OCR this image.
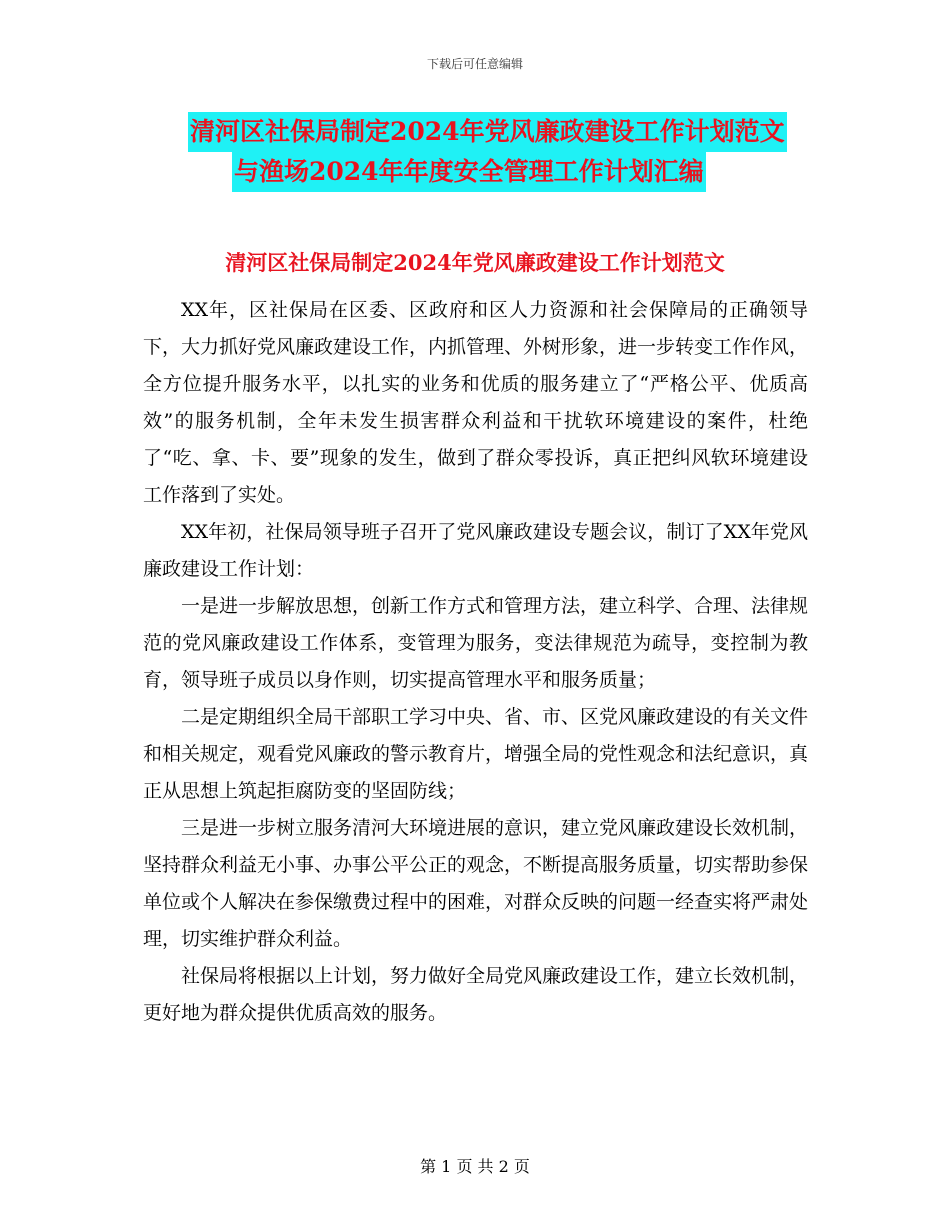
下载后可任意编辑
清河区社保局制定2024年党风廉政建设工作计划范文
与渔场2024年年度安全管理工作计划汇编
清河区社保局制定2024年党风廉政建设工作计划范文

XX年，区社保局在区委、区政府和区人力资源和社会保障局的正确领导下，大力抓好党风廉政建设工作，内抓管理、外树形象，进一步转变工作作风，全方位提升服务水平，以扎实的业务和优质的服务建立了“严格公平、优质高效”的服务机制，全年未发生损害群众利益和干扰软环境建设的案件，杜绝了“吃、拿、卡、要”现象的发生，做到了群众零投诉，真正把纠风软环境建设工作落到了实处。

XX年初，社保局领导班子召开了党风廉政建设专题会议，制订了XX年党风廉政建设工作计划：

一是进一步解放思想，创新工作方式和管理方法，建立科学、合理、法律规范的党风廉政建设工作体系，变管理为服务，变法律规范为疏导，变控制为教育，领导班子成员以身作则，切实提高管理水平和服务质量；

二是定期组织全局干部职工学习中央、省、市、区党风廉政建设的有关文件和相关规定，观看党风廉政的警示教育片，增强全局的党性观念和法纪意识，真正从思想上筑起拒腐防变的坚固防线；

三是进一步树立服务清河大环境进展的意识，建立党风廉政建设长效机制，坚持群众利益无小事、办事公平公正的观念，不断提高服务质量，切实帮助参保单位或个人解决在参保缴费过程中的困难，对群众反映的问题一经查实将严肃处理，切实维护群众利益。

社保局将根据以上计划，努力做好全局党风廉政建设工作，建立长效机制，更好地为群众提供优质高效的服务。

第 1 页 共 2 页
